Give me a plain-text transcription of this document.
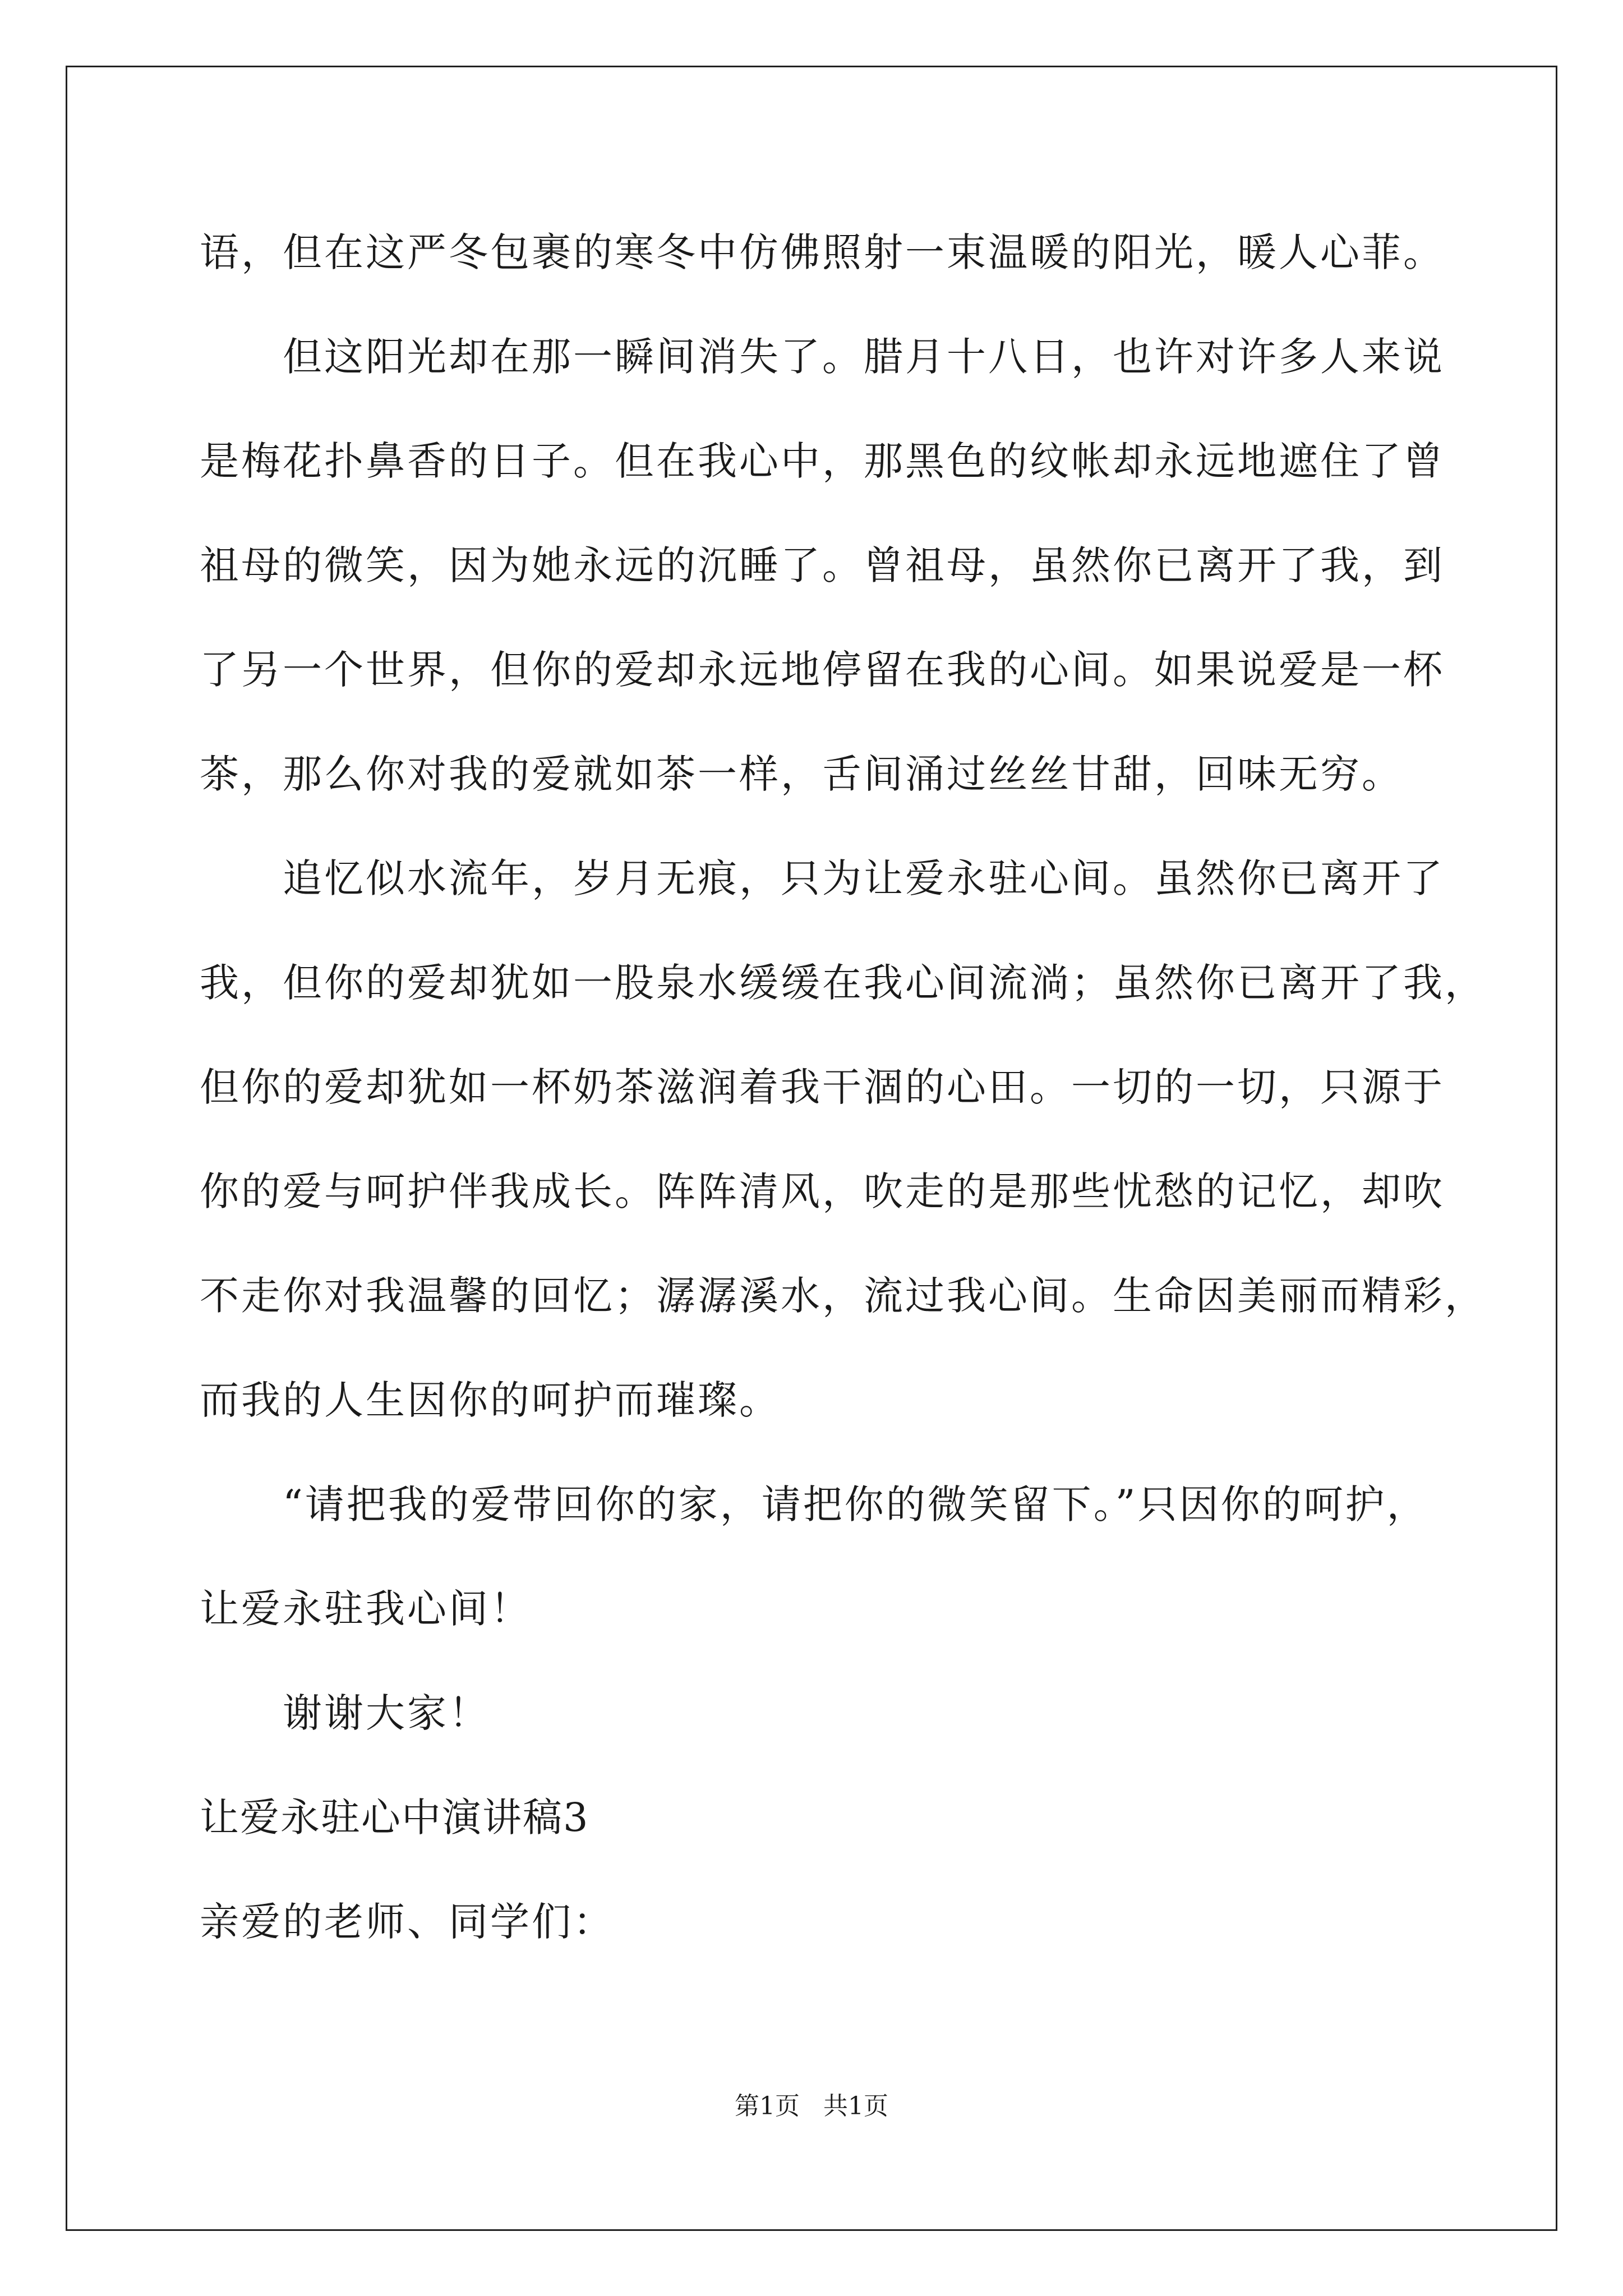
语，但在这严冬包裹的寒冬中仿佛照射一束温暖的阳光，暖人心菲。

但这阳光却在那一瞬间消失了。腊月十八日，也许对许多人来说

是梅花扑鼻香的日子。但在我心中，那黑色的纹帐却永远地遮住了曾

祖母的微笑，因为她永远的沉睡了。曾祖母，虽然你已离开了我，到

了另一个世界，但你的爱却永远地停留在我的心间。如果说爱是一杯

茶，那么你对我的爱就如茶一样，舌间涌过丝丝甘甜，回味无穷。

追忆似水流年，岁月无痕，只为让爱永驻心间。虽然你已离开了

我，但你的爱却犹如一股泉水缓缓在我心间流淌；虽然你已离开了我，

但你的爱却犹如一杯奶茶滋润着我干涸的心田。一切的一切，只源于

你的爱与呵护伴我成长。阵阵清风，吹走的是那些忧愁的记忆，却吹

不走你对我温馨的回忆；潺潺溪水，流过我心间。生命因美丽而精彩，

而我的人生因你的呵护而璀璨。

“请把我的爱带回你的家，请把你的微笑留下。”只因你的呵护，

让爱永驻我心间！

谢谢大家！

让爱永驻心中演讲稿3

亲爱的老师、同学们：

第1页   共1页
